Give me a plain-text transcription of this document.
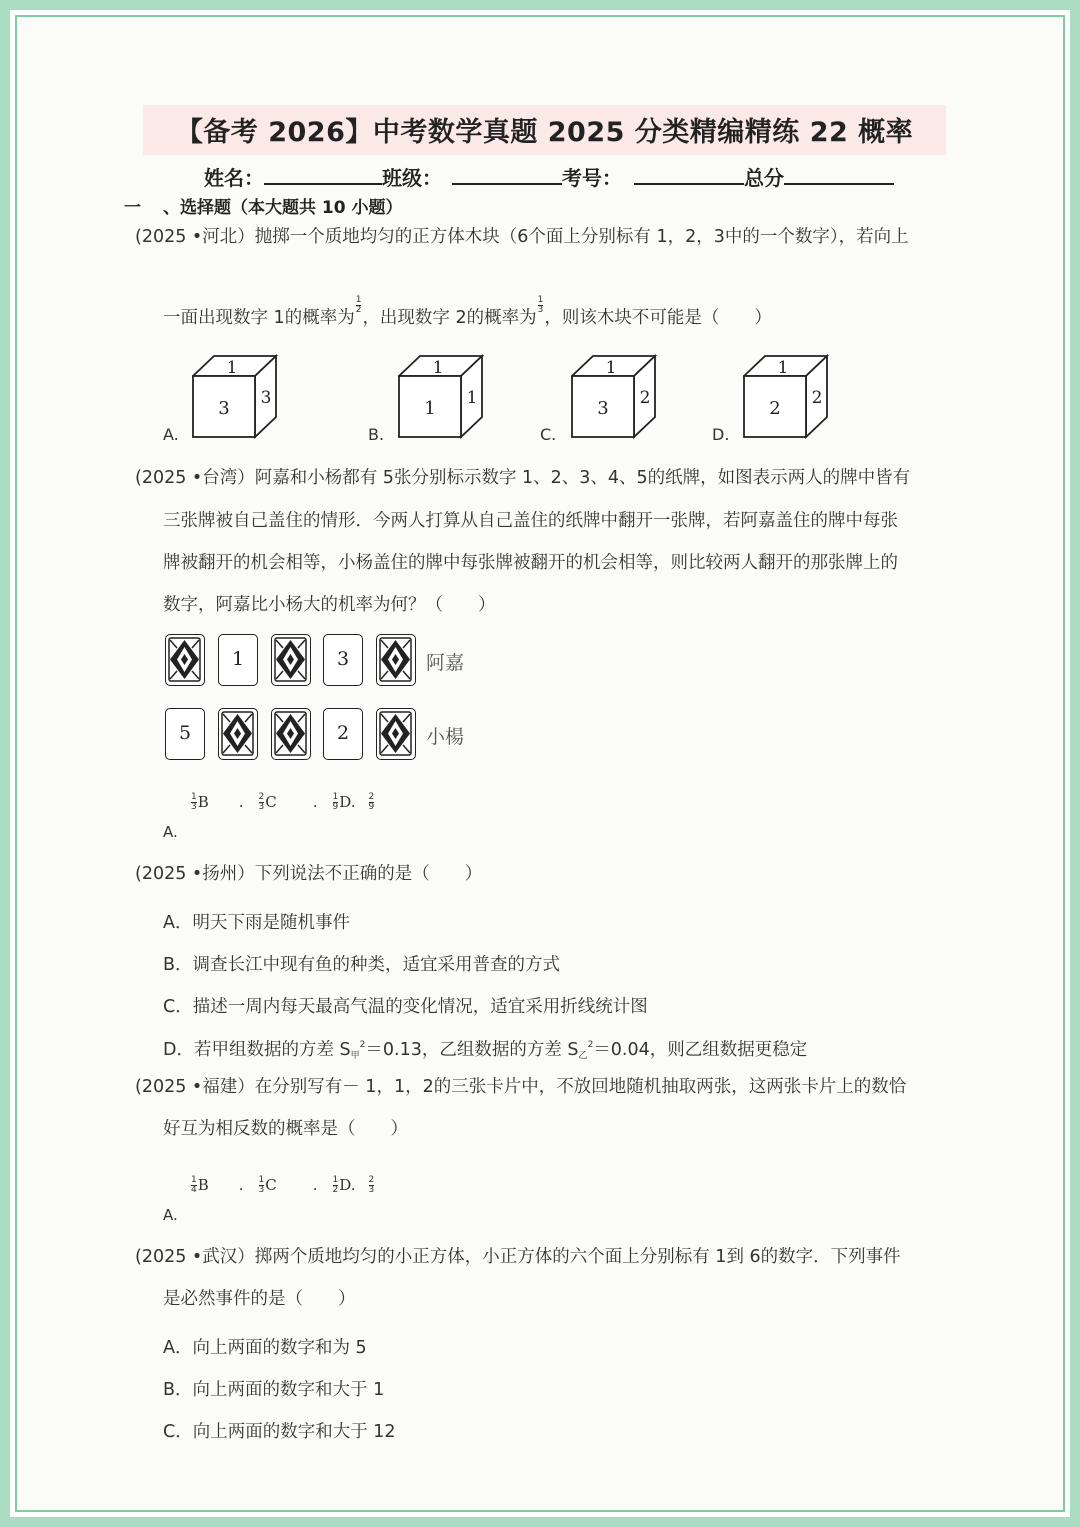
【备考 2026】中考数学真题 2025 分类精编精练 22 概率
姓名：	班级：	考号：	总分
一 、选择题（本大题共 10 小题）
(2025 •河北）抛掷一个质地均匀的正方体木块（6个面上分别标有 1，2，3中的一个数字），若向上
一面出现数字 1的概率为
$\frac{1}{2}$
，出现数字 2的概率为
$\frac{1}{3}$
，则该木块不可能是（　　）
A.
1
3 3
B.
1
1 1
C.
1
3 2
D.
1
2 2
(2025 •台湾）阿嘉和小杨都有 5张分别标示数字 1、2、3、4、5的纸牌，如图表示两人的牌中皆有
三张牌被自己盖住的情形．今两人打算从自己盖住的纸牌中翻开一张牌，若阿嘉盖住的牌中每张
牌被翻开的机会相等，小杨盖住的牌中每张牌被翻开的机会相等，则比较两人翻开的那张牌上的
数字，阿嘉比小杨大的机率为何？（　　）
1	3
5	2
阿嘉
小楊
A.
$\frac{1}{3}$ B . $\frac{2}{3}$ C . $\frac{1}{9} D$. $\frac{2}{9}$
(2025 •扬州）下列说法不正确的是（　　）
A．明天下雨是随机事件
B．调查长江中现有鱼的种类，适宜采用普查的方式
C．描述一周内每天最高气温的变化情况，适宜采用折线统计图
D．若甲组数据的方差 S甲$^2$＝0.13，乙组数据的方差 S乙$^2$＝0.04，则乙组数据更稳定
(2025 •福建）在分别写有－ 1，1，2的三张卡片中，不放回地随机抽取两张，这两张卡片上的数恰
好互为相反数的概率是（　　）
A.
$\frac{1}{4}$ B . $\frac{1}{3}$ C . $\frac{1}{2} D$. $\frac{2}{3}$
(2025 •武汉）掷两个质地均匀的小正方体，小正方体的六个面上分别标有 1到 6的数字．下列事件
是必然事件的是（　　）
A．向上两面的数字和为 5
B．向上两面的数字和大于 1
C．向上两面的数字和大于 12
